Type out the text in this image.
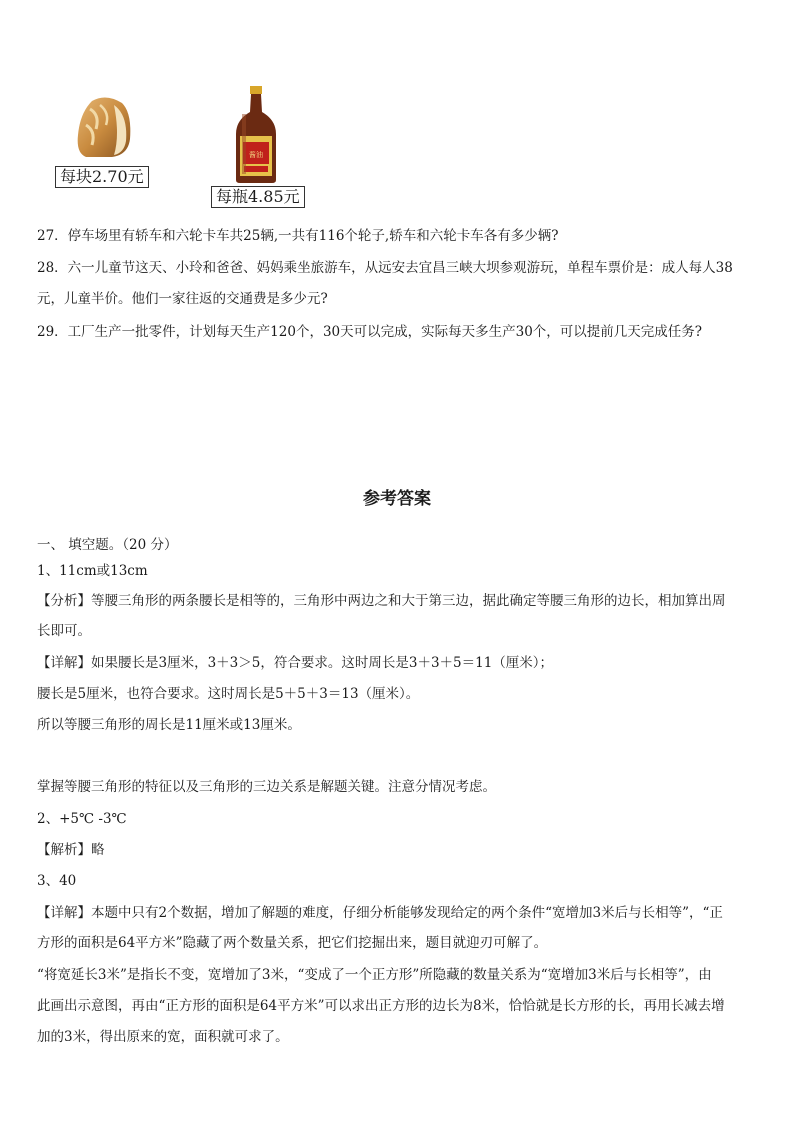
每块2.70元
酱油
每瓶4.85元
27．停车场里有轿车和六轮卡车共25辆,一共有116个轮子,轿车和六轮卡车各有多少辆?
28．六一儿童节这天、小玲和爸爸、妈妈乘坐旅游车，从远安去宜昌三峡大坝参观游玩，单程车票价是：成人每人38
元，儿童半价。他们一家往返的交通费是多少元?
29．工厂生产一批零件，计划每天生产120个，30天可以完成，实际每天多生产30个，可以提前几天完成任务?
参考答案
一、 填空题。（20 分）
1、11cm或13cm
【分析】等腰三角形的两条腰长是相等的，三角形中两边之和大于第三边，据此确定等腰三角形的边长，相加算出周
长即可。
【详解】如果腰长是3厘米，3＋3＞5，符合要求。这时周长是3＋3＋5＝11（厘米）；
腰长是5厘米，也符合要求。这时周长是5＋5＋3＝13（厘米）。
所以等腰三角形的周长是11厘米或13厘米。
掌握等腰三角形的特征以及三角形的三边关系是解题关键。注意分情况考虑。
2、+5℃ -3℃
【解析】略
3、40
【详解】本题中只有2个数据，增加了解题的难度，仔细分析能够发现给定的两个条件“宽增加3米后与长相等”，“正
方形的面积是64平方米”隐藏了两个数量关系，把它们挖掘出来，题目就迎刃可解了。
“将宽延长3米”是指长不变，宽增加了3米，“变成了一个正方形”所隐藏的数量关系为“宽增加3米后与长相等”，由
此画出示意图，再由“正方形的面积是64平方米”可以求出正方形的边长为8米，恰恰就是长方形的长，再用长减去增
加的3米，得出原来的宽，面积就可求了。
